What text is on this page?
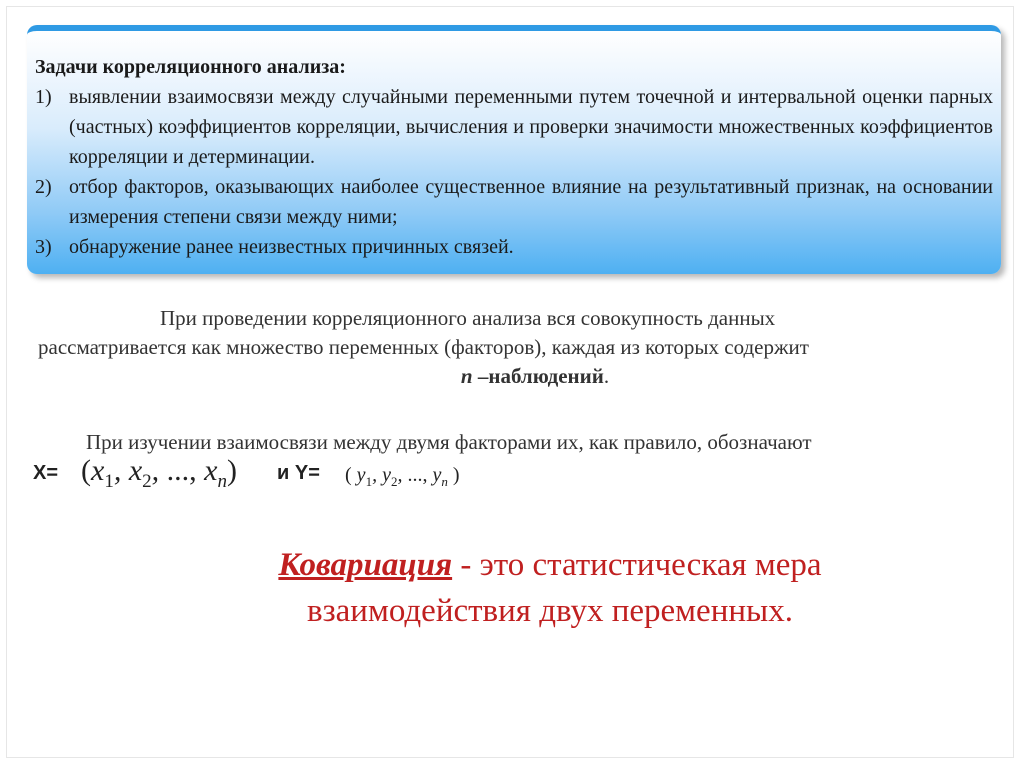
Задачи корреляционного анализа:
1) выявлении взаимосвязи между случайными переменными путем точечной и интервальной оценки парных (частных) коэффициентов корреляции, вычисления и проверки значимости множественных коэффициентов корреляции и детерминации.
2) отбор факторов, оказывающих наиболее существенное влияние на результативный признак, на основании измерения степени связи между ними;
3) обнаружение ранее неизвестных причинных связей.
При проведении корреляционного анализа вся совокупность данных
рассматривается как множество переменных (факторов), каждая из которых содержит
n –наблюдений.
При изучении взаимосвязи между двумя факторами их, как правило, обозначают
$X= (x_1$, $x_2$, ..., $x_n$) и Y= ( $y_1$, $y_2$, ..., $y_n$ )
Ковариация - это статистическая мера
взаимодействия двух переменных.
